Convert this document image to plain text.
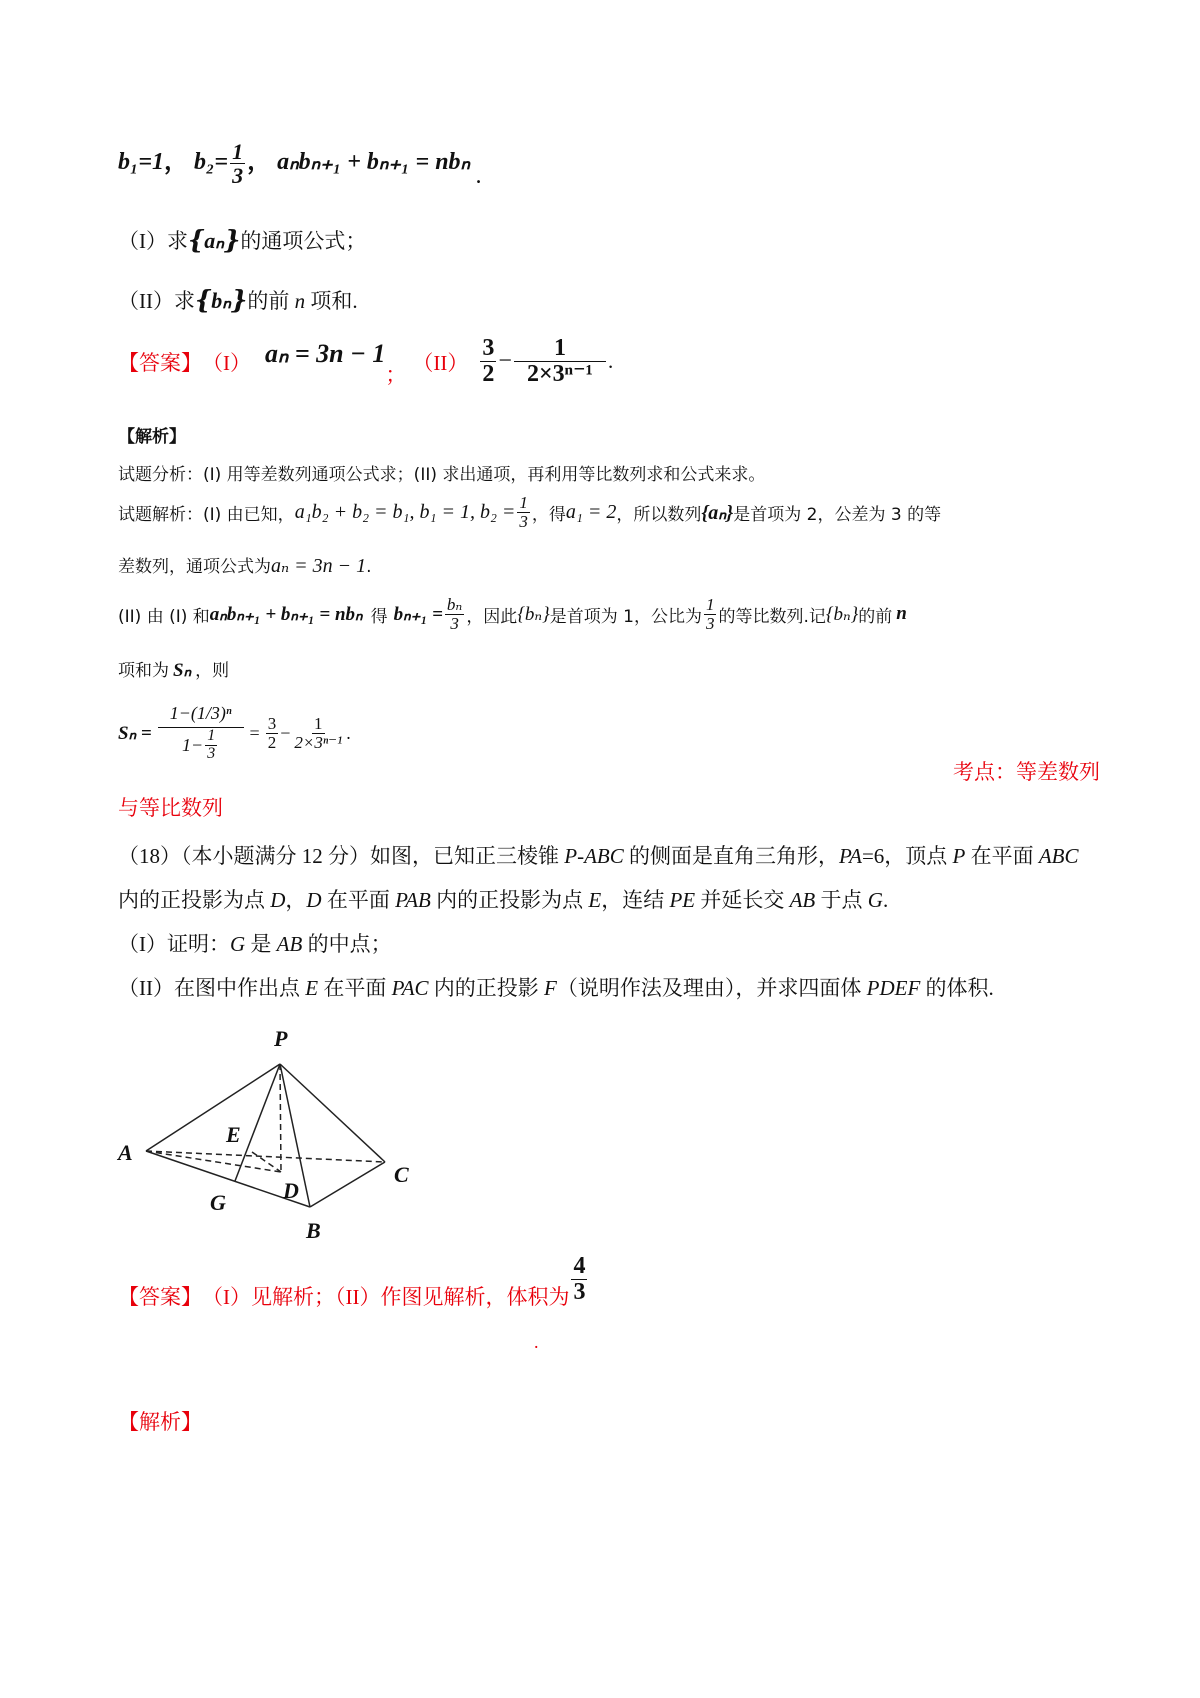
b₁=1， $b_2= \frac{1}{3}$ ， aₙbₙ₊₁ + bₙ₊₁ = nbₙ .
（I）求{aₙ}的通项公式；
（II）求{bₙ}的前 n 项和.
【答案】 （I） aₙ = 3n − 1
； $(II) \frac{3}{2} - \frac{1}{\text{2×3ⁿ⁻¹}}$ .
【解析】
试题分析：(I) 用等差数列通项公式求；(II) 求出通项，再利用等比数列求和公式来求。
试题解析：(I) 由已知， a₁b₂ + b₂ = b₁, b₁ = 1, $b_2 = \frac{1}{3}$ ，得 a₁ = 2 ，所以数列 {aₙ} 是首项为 2，公差为 3 的等
差数列，通项公式为aₙ = 3n − 1.
(II) 由 (I) 和 aₙbₙ₊₁ + bₙ₊₁ = nbₙ 得 $b_{n+1} = \frac{\text{bₙ}}{3}$ ，因此 {bₙ} 是首项为 1，公比为 $\frac{1}{3}$ 的等比数列.记 {bₙ} 的前 n
项和为 Sₙ ，则
$S_n = \frac{\text{1−(1/3)ⁿ}}{1- \frac{1}{3}} = \frac{3}{2} - \frac{1}{\text{2×3ⁿ⁻¹}}$ .
考点：等差数列
与等比数列
（18）（本小题满分 12 分）如图，已知正三棱锥 P-ABC 的侧面是直角三角形，PA=6，顶点 P 在平面 ABC
内的正投影为点 D，D 在平面 PAB 内的正投影为点 E，连结 PE 并延长交 AB 于点 G.
（I）证明：G 是 AB 的中点；
（II）在图中作出点 E 在平面 PAC 内的正投影 F（说明作法及理由），并求四面体 PDEF 的体积.
P
A
B
C
D
E
G
【答案】 （I）见解析；（II）作图见解析，体积为 $\frac{4}{3}$
.
【解析】
